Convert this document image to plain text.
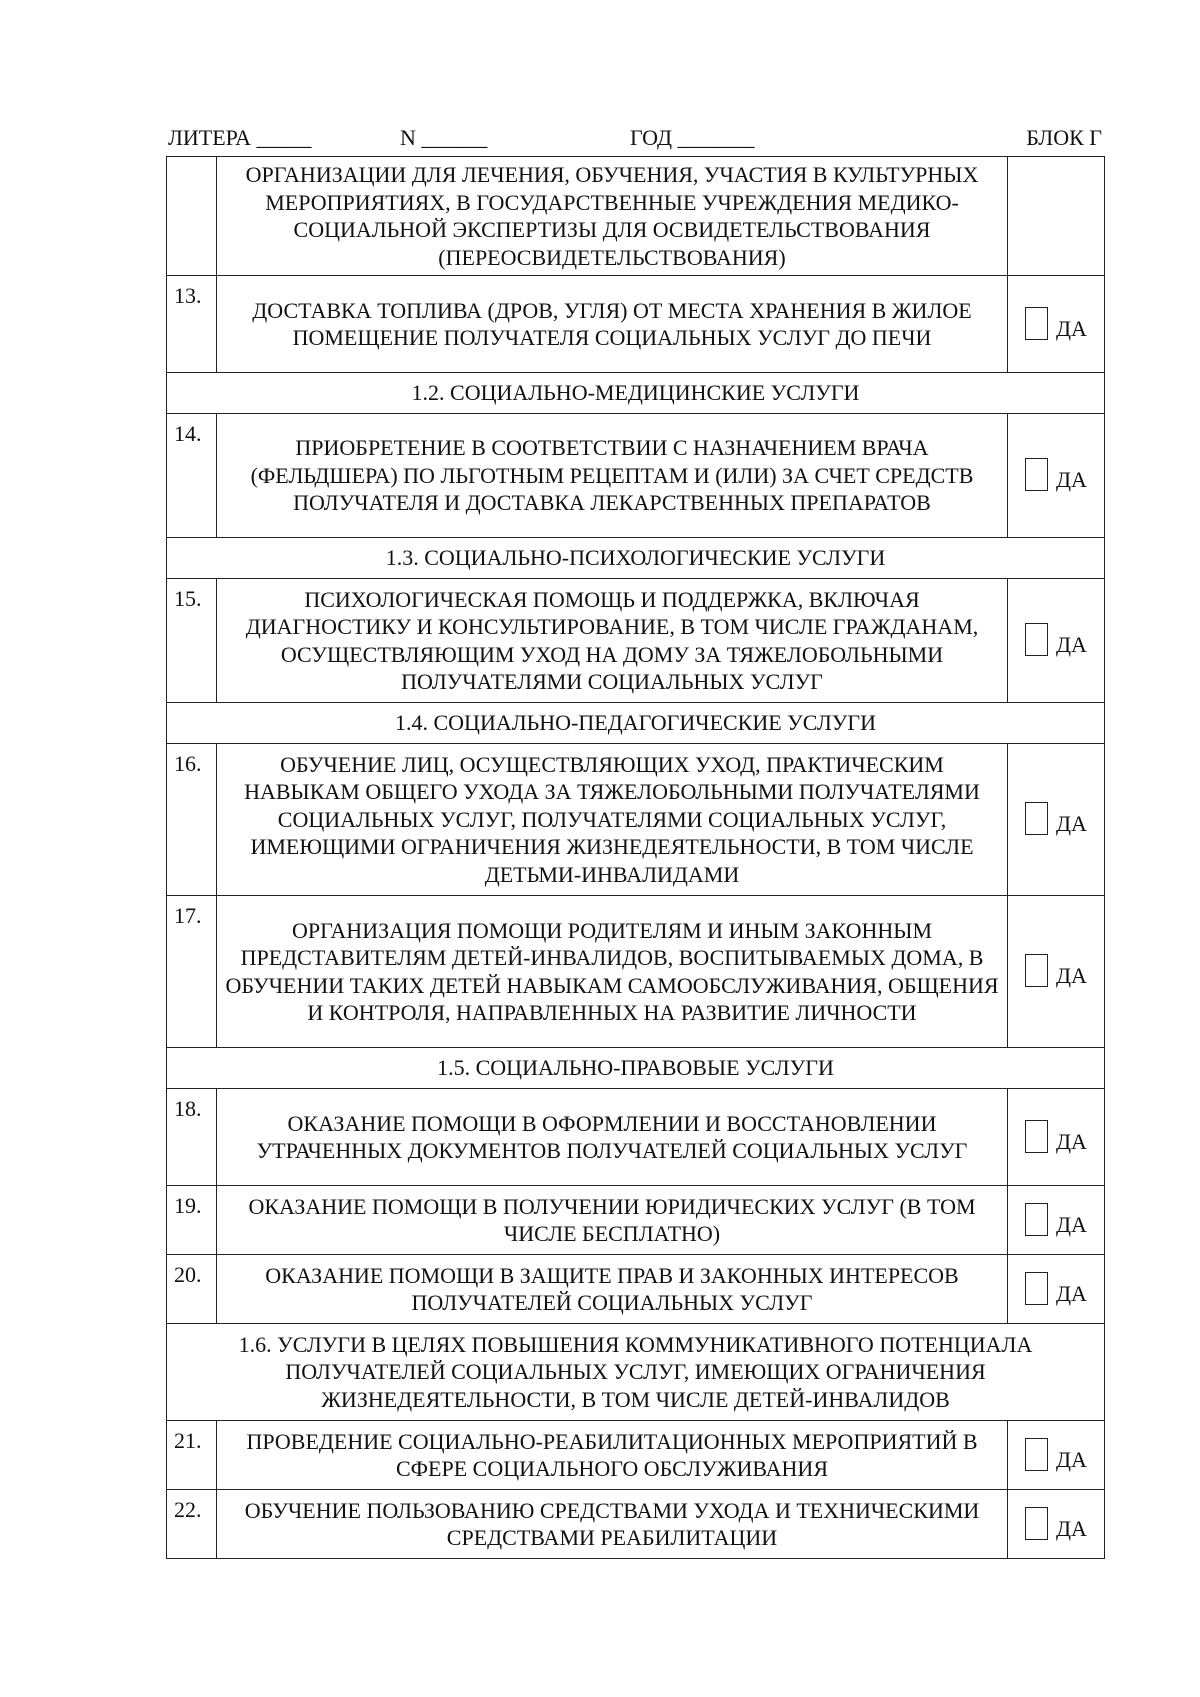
ЛИТЕРА _____	N ______	ГОД _______	БЛОК Г
	ОРГАНИЗАЦИИ ДЛЯ ЛЕЧЕНИЯ, ОБУЧЕНИЯ, УЧАСТИЯ В КУЛЬТУРНЫХ МЕРОПРИЯТИЯХ, В ГОСУДАРСТВЕННЫЕ УЧРЕЖДЕНИЯ МЕДИКО-СОЦИАЛЬНОЙ ЭКСПЕРТИЗЫ ДЛЯ ОСВИДЕТЕЛЬСТВОВАНИЯ (ПЕРЕОСВИДЕТЕЛЬСТВОВАНИЯ)	
13.	ДОСТАВКА ТОПЛИВА (ДРОВ, УГЛЯ) ОТ МЕСТА ХРАНЕНИЯ В ЖИЛОЕ ПОМЕЩЕНИЕ ПОЛУЧАТЕЛЯ СОЦИАЛЬНЫХ УСЛУГ ДО ПЕЧИ	ДА

1.2. СОЦИАЛЬНО-МЕДИЦИНСКИЕ УСЛУГИ		
14.	ПРИОБРЕТЕНИЕ В СООТВЕТСТВИИ С НАЗНАЧЕНИЕМ ВРАЧА (ФЕЛЬДШЕРА) ПО ЛЬГОТНЫМ РЕЦЕПТАМ И (ИЛИ) ЗА СЧЕТ СРЕДСТВ ПОЛУЧАТЕЛЯ И ДОСТАВКА ЛЕКАРСТВЕННЫХ ПРЕПАРАТОВ	ДА

1.3. СОЦИАЛЬНО-ПСИХОЛОГИЧЕСКИЕ УСЛУГИ		
15.	ПСИХОЛОГИЧЕСКАЯ ПОМОЩЬ И ПОДДЕРЖКА, ВКЛЮЧАЯ ДИАГНОСТИКУ И КОНСУЛЬТИРОВАНИЕ, В ТОМ ЧИСЛЕ ГРАЖДАНАМ, ОСУЩЕСТВЛЯЮЩИМ УХОД НА ДОМУ ЗА ТЯЖЕЛОБОЛЬНЫМИ ПОЛУЧАТЕЛЯМИ СОЦИАЛЬНЫХ УСЛУГ	ДА

1.4. СОЦИАЛЬНО-ПЕДАГОГИЧЕСКИЕ УСЛУГИ		
16.	ОБУЧЕНИЕ ЛИЦ, ОСУЩЕСТВЛЯЮЩИХ УХОД, ПРАКТИЧЕСКИМ НАВЫКАМ ОБЩЕГО УХОДА ЗА ТЯЖЕЛОБОЛЬНЫМИ ПОЛУЧАТЕЛЯМИ СОЦИАЛЬНЫХ УСЛУГ, ПОЛУЧАТЕЛЯМИ СОЦИАЛЬНЫХ УСЛУГ, ИМЕЮЩИМИ ОГРАНИЧЕНИЯ ЖИЗНЕДЕЯТЕЛЬНОСТИ, В ТОМ ЧИСЛЕ ДЕТЬМИ-ИНВАЛИДАМИ	ДА

17.	ОРГАНИЗАЦИЯ ПОМОЩИ РОДИТЕЛЯМ И ИНЫМ ЗАКОННЫМ ПРЕДСТАВИТЕЛЯМ ДЕТЕЙ-ИНВАЛИДОВ, ВОСПИТЫВАЕМЫХ ДОМА, В ОБУЧЕНИИ ТАКИХ ДЕТЕЙ НАВЫКАМ САМООБСЛУЖИВАНИЯ, ОБЩЕНИЯ И КОНТРОЛЯ, НАПРАВЛЕННЫХ НА РАЗВИТИЕ ЛИЧНОСТИ	ДА

1.5. СОЦИАЛЬНО-ПРАВОВЫЕ УСЛУГИ		
18.	ОКАЗАНИЕ ПОМОЩИ В ОФОРМЛЕНИИ И ВОССТАНОВЛЕНИИ УТРАЧЕННЫХ ДОКУМЕНТОВ ПОЛУЧАТЕЛЕЙ СОЦИАЛЬНЫХ УСЛУГ	ДА

19.	ОКАЗАНИЕ ПОМОЩИ В ПОЛУЧЕНИИ ЮРИДИЧЕСКИХ УСЛУГ (В ТОМ ЧИСЛЕ БЕСПЛАТНО)	ДА

20.	ОКАЗАНИЕ ПОМОЩИ В ЗАЩИТЕ ПРАВ И ЗАКОННЫХ ИНТЕРЕСОВ ПОЛУЧАТЕЛЕЙ СОЦИАЛЬНЫХ УСЛУГ	ДА

1.6. УСЛУГИ В ЦЕЛЯХ ПОВЫШЕНИЯ КОММУНИКАТИВНОГО ПОТЕНЦИАЛА ПОЛУЧАТЕЛЕЙ СОЦИАЛЬНЫХ УСЛУГ, ИМЕЮЩИХ ОГРАНИЧЕНИЯ ЖИЗНЕДЕЯТЕЛЬНОСТИ, В ТОМ ЧИСЛЕ ДЕТЕЙ-ИНВАЛИДОВ		
21.	ПРОВЕДЕНИЕ СОЦИАЛЬНО-РЕАБИЛИТАЦИОННЫХ МЕРОПРИЯТИЙ В СФЕРЕ СОЦИАЛЬНОГО ОБСЛУЖИВАНИЯ	ДА

22.	ОБУЧЕНИЕ ПОЛЬЗОВАНИЮ СРЕДСТВАМИ УХОДА И ТЕХНИЧЕСКИМИ СРЕДСТВАМИ РЕАБИЛИТАЦИИ	ДА
